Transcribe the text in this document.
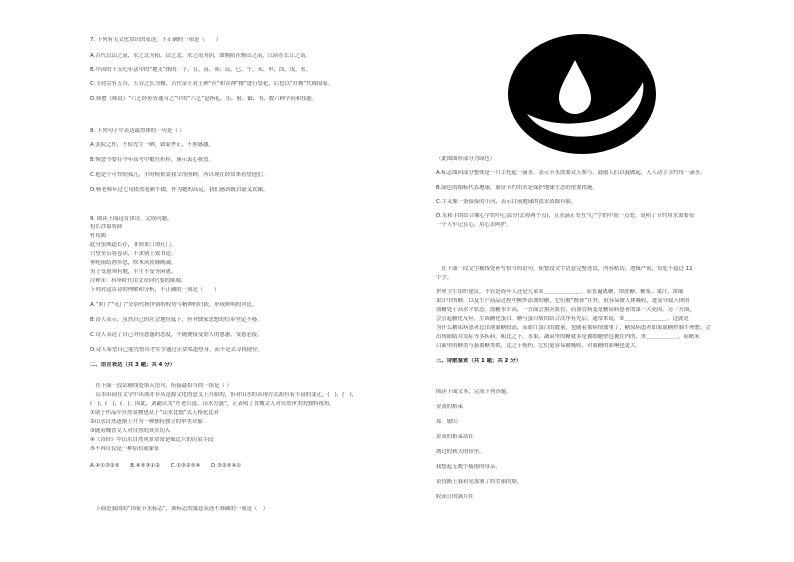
7. 下列有关文化常识的表述，不正确的一项是（　　）
A.古代以山之南、水之北为阳，山之北、水之南为阴，如衡阳在衡山之南，江阴在长江之南。
B.中国的干支纪年法中的“地支”指的：子、丑、寅、卯、辰、巳、午、未、申、酉、戌、亥。
C.主持宗有五谷，五谷之长为稷，古代帝王对土神“社”和谷神“稷”进行祭祀，后也以“社稷”代称国家。
D.韩愈《师说》“六艺经传皆通习之”中的“六艺”是指礼、乐、射、御、书、数六种学问和技能。
8. 下列句子中表达最得体的一句是（ ）
A.张院之作，不值先生一晒，如蒙斧正，不胜感激。
B.恢您今要在今年高考中蟾宫折桂，谨示衷心祝贺。
C.他是个可怜的孤儿，小时候依靠我父母照顾，所以现在经常来看望他们。
D.杨老师年过七旬依然笔耕不辍，作为她的高足，我们感到既自豪又钦佩。
9. 阅读下面这首律诗，完成问题。
投长沙慕将卸
杜荀鹤
此身虽贱道长存，非谓来门谓孔门。
只望至公将卷读，不求朝士致书论。
垂纶雨结渔乡思，吹木风传隆晚魂。
男子受恩须有地，平生不受等闲恩。
注释①：科举时代用文章向官要的陈称。
下列对这首诗的理解和分析，不正确的一项是（　　）
A.“朱门”“孔门”分别代指世俗的权势与精神的归依，形成鲜明的对比。
B.诗人表示，虽然自己的社会地位低下，但对儒家思想的信奉坚定不移。
C.诗人表达了自己对待恩惠的态度，不随便接受别人的恩惠，受恩必报。
D.诗人希望自己能凭借真才实学通过正常渠道登身，而不是去寻找捷径。
二、语言表达（共 3 题；共 4 分）
　在下面一段话横线处填入语句，衔接最恰当的一组是（ ）
　山水田园在文学中出现并非从是源文化的意义上开始的，但对山水的表现方式却有着丰富的变迁，(　)，(　)，
(　)，(　)，(　)。因此，刘勰认为“庄老告退，山水方滋”，正表明了晋魏文人对自然审美的独特视角。
①诸子作品中自然景物也从于“山水比德”式人格化比对
②山水自然逐渐上升为一种独特独立的审美对象
③随着魏晋文人对自然的真实切入
④《诗经》中山水自然风景常常是赋比兴的渲染手段
⑤不再仅仅是一种陪衬或象征
A.④①③②⑤　　B.④⑤③①②　　C.①③②⑤④　　D.③②⑤④①
　下面是我国的“国家节水标志”，该标志的寓意表述不准确的一项是（　）
（此图图形部分为绿色）
A.标志图向部分整体是一只手托起一滴水，表示节水需要众人参与，鼓励人们以我做起，人人动手节约每一滴水。
B.绿色的图标代表地球，象征节约用水是保护地球生态的重要措施。
C.手又像一条接接的小河，表示目前地球的淡水资源有限。
D.水和手的结合像心字的中心部分(去掉两个点)，且水滴正处在“心”字的中间一点处，说明了节约用水需要每
一个人牢记在心，用心去呵护。
　在下面一段文字横线处补写恰当的语句，使整段文字语意完整连贯，内容贴切，逻辑严密，每处不超过 12
个字。
世界卫生组织建议，不管是成年人还是儿童①＿＿＿＿＿＿＿。而普遍离糖，即蔗糖、糖浆、果汁、浓缩
果汁中的糖，以及生产商品过程中额外添加的糖，它们被“携膏”在外，很容易被人体吸收，进而导致人体的
血糖处于高水平状态。血糖水平高，一方面会损害血管，而血管病变是糖尿病患者的第一大死因。另一方面，
会引起糖化反应，生成糖化蛋白。糖与蛋白质的结合次序有先后，通常来说，②＿＿＿＿＿＿＿＿。这就是
为什么糖尿病患者总出现血糖较高，而血红蛋白的数量，也随着那病情加重了。糖尿病患者如果血糖控制不理想，会
出现眼睛并发症等多疾病。粗比之下，水果、蔬菜里的糖就多是被细胞壁包裹在内的，③＿＿＿＿＿＿，而精米
白面里的糖类与游离糖类似，比之于损伤，它们更容易被吸收，对血糖的影响也更大。
三、诗歌鉴赏（共 1 题；共 2 分）
阅读下面文本，完成下列各题。
金黄的稻束
郑　敏⑴
金黄的稻束站在
割过的秋天的田里，
我想起无数个疲倦的母亲，
黄昏路上我看见那皱了的美丽的脸，
收获日的满月在
